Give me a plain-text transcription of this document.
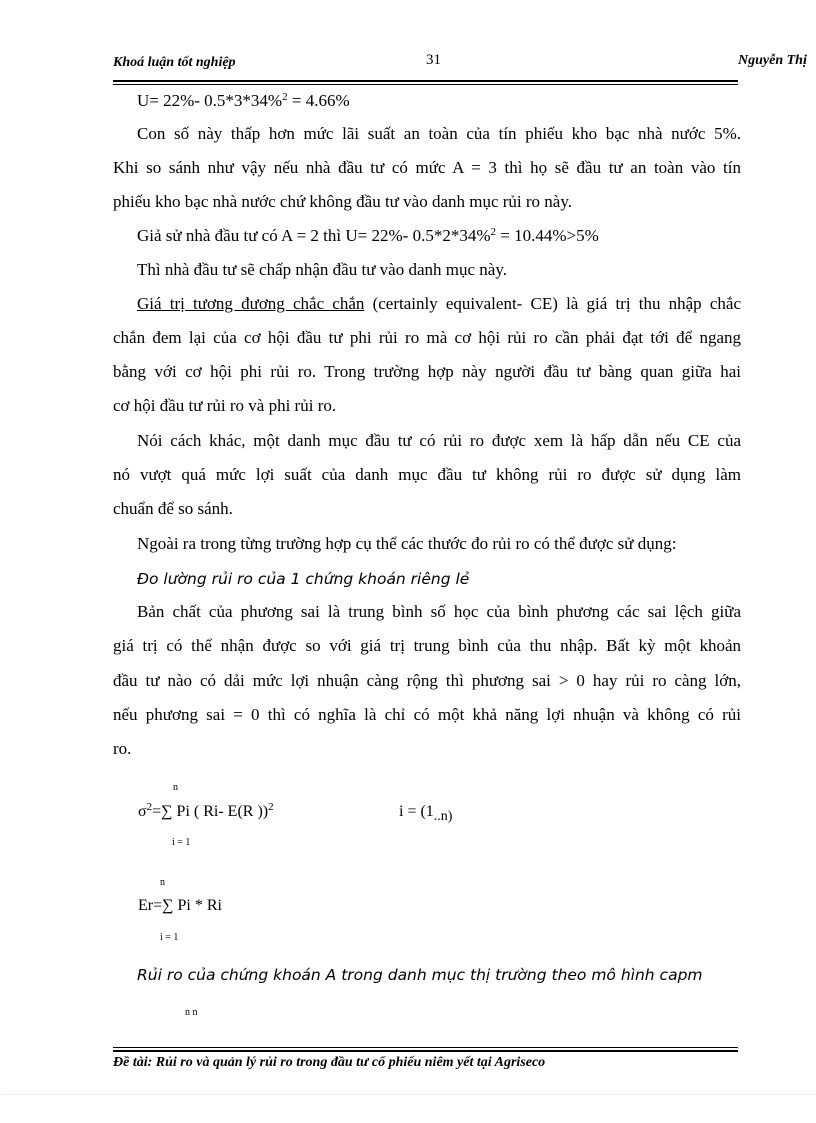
Khoá luận tốt nghiệp	31	Nguyễn Thị
U= 22%- 0.5*3*34%$^2$ = 4.66%
Con số này thấp hơn mức lãi suất an toàn của tín phiếu kho bạc nhà nước 5%.
Khi so sánh như vậy nếu nhà đầu tư có mức A = 3 thì họ sẽ đầu tư an toàn vào tín
phiếu kho bạc nhà nước chứ không đầu tư vào danh mục rủi ro này.
Giả sử nhà đầu tư có A = 2 thì U= 22%- 0.5*2*34%$^2$ = 10.44%>5%
Thì nhà đầu tư sẽ chấp nhận đầu tư vào danh mục này.
Giá trị tương đương chắc chắn (certainly equivalent- CE) là giá trị thu nhập chắc
chắn đem lại của cơ hội đầu tư phi rủi ro mà cơ hội rủi ro cần phải đạt tới để ngang
bằng với cơ hội phi rủi ro. Trong trường hợp này người đầu tư bàng quan giữa hai
cơ hội đầu tư rủi ro và phi rủi ro.
Nói cách khác, một danh mục đầu tư có rủi ro được xem là hấp dẫn nếu CE của
nó vượt quá mức lợi suất của danh mục đầu tư không rủi ro được sử dụng làm
chuẩn để so sánh.
Ngoài ra trong từng trường hợp cụ thể các thước đo rủi ro có thể được sử dụng:
Đo lường rủi ro của 1 chứng khoán riêng lẻ
Bản chất của phương sai là trung bình số học của bình phương các sai lệch giữa
giá trị có thể nhận được so với giá trị trung bình của thu nhập. Bất kỳ một khoản
đầu tư nào có dải mức lợi nhuận càng rộng thì phương sai > 0 hay rủi ro càng lớn,
nếu phương sai = 0 thì có nghĩa là chỉ có một khả năng lợi nhuận và không có rủi
ro.
n
$\sigma^2=\sum$ Pi ( Ri- E(R ))$^2$	i = (1..n)
i = 1
n
Er=∑ Pi * Ri
i = 1
Rủi ro của chứng khoán A trong danh mục thị trường theo mô hình capm
n n
Đề tài: Rủi ro và quản lý rủi ro trong đầu tư cổ phiếu niêm yết tại Agriseco
